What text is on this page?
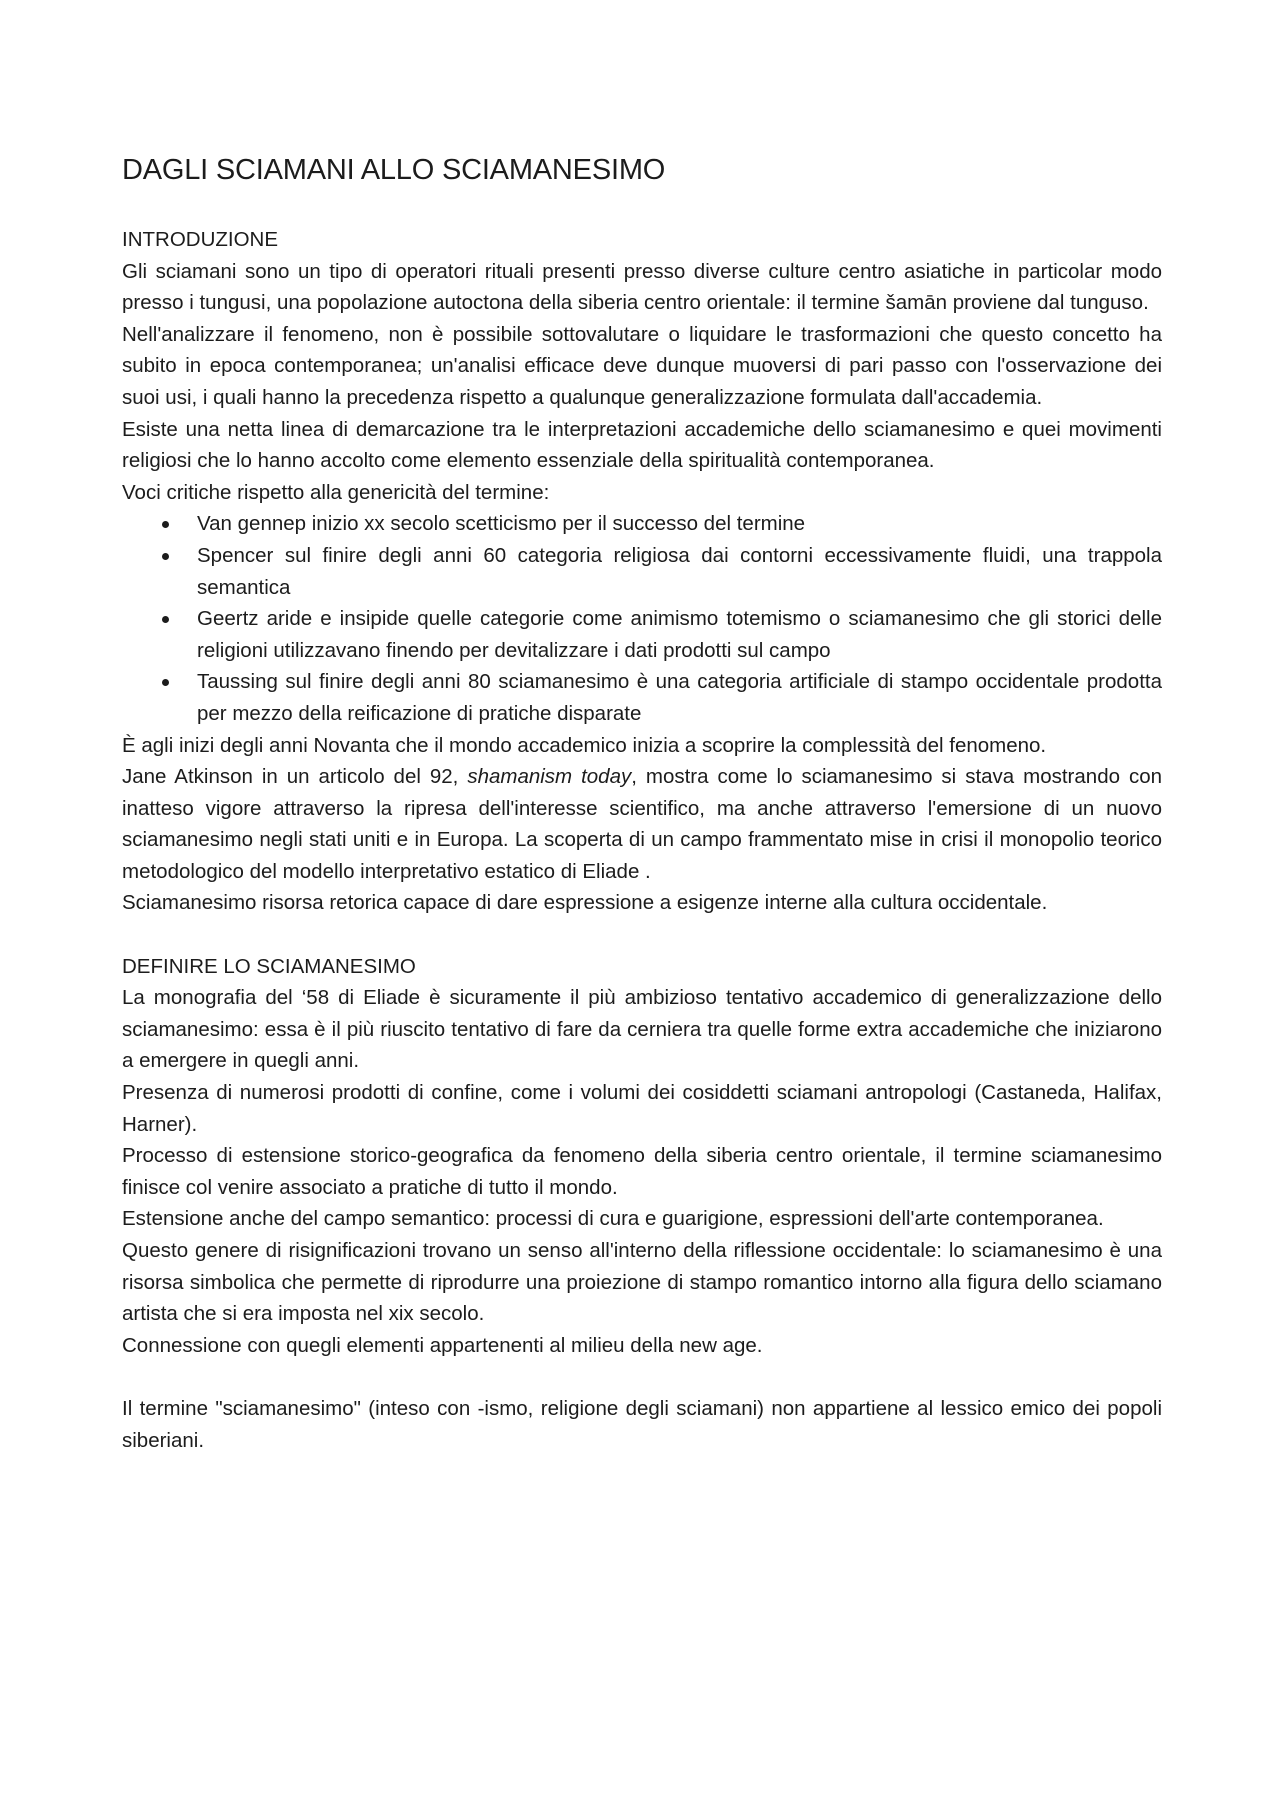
DAGLI SCIAMANI ALLO SCIAMANESIMO

INTRODUZIONE

Gli sciamani sono un tipo di operatori rituali presenti presso diverse culture centro asiatiche in particolar modo presso i tungusi, una popolazione autoctona della siberia centro orientale: il termine šamān proviene dal tunguso.

Nell'analizzare il fenomeno, non è possibile sottovalutare o liquidare le trasformazioni che questo concetto ha subito in epoca contemporanea; un'analisi efficace deve dunque muoversi di pari passo con l'osservazione dei suoi usi, i quali hanno la precedenza rispetto a qualunque generalizzazione formulata dall'accademia.

Esiste una netta linea di demarcazione tra le interpretazioni accademiche dello sciamanesimo e quei movimenti religiosi che lo hanno accolto come elemento essenziale della spiritualità contemporanea.

Voci critiche rispetto alla genericità del termine:

Van gennep inizio xx secolo scetticismo per il successo del termine
Spencer sul finire degli anni 60 categoria religiosa dai contorni eccessivamente fluidi, una trappola semantica
Geertz aride e insipide quelle categorie come animismo totemismo o sciamanesimo che gli storici delle religioni utilizzavano finendo per devitalizzare i dati prodotti sul campo
Taussing sul finire degli anni 80 sciamanesimo è una categoria artificiale di stampo occidentale prodotta per mezzo della reificazione di pratiche disparate

È agli inizi degli anni Novanta che il mondo accademico inizia a scoprire la complessità del fenomeno.

Jane Atkinson in un articolo del 92, shamanism today, mostra come lo sciamanesimo si stava mostrando con inatteso vigore attraverso la ripresa dell'interesse scientifico, ma anche attraverso l'emersione di un nuovo sciamanesimo negli stati uniti e in Europa. La scoperta di un campo frammentato mise in crisi il monopolio teorico metodologico del modello interpretativo estatico di Eliade .

Sciamanesimo risorsa retorica capace di dare espressione a esigenze interne alla cultura occidentale.

DEFINIRE LO SCIAMANESIMO

La monografia del ‘58 di Eliade è sicuramente il più ambizioso tentativo accademico di generalizzazione dello sciamanesimo: essa è il più riuscito tentativo di fare da cerniera tra quelle forme extra accademiche che iniziarono a emergere in quegli anni.

Presenza di numerosi prodotti di confine, come i volumi dei cosiddetti sciamani antropologi (Castaneda, Halifax, Harner).

Processo di estensione storico-geografica da fenomeno della siberia centro orientale, il termine sciamanesimo finisce col venire associato a pratiche di tutto il mondo.

Estensione anche del campo semantico: processi di cura e guarigione, espressioni dell'arte contemporanea.

Questo genere di risignificazioni trovano un senso all'interno della riflessione occidentale: lo sciamanesimo è una risorsa simbolica che permette di riprodurre una proiezione di stampo romantico intorno alla figura dello sciamano artista che si era imposta nel xix secolo.

Connessione con quegli elementi appartenenti al milieu della new age.

Il termine "sciamanesimo" (inteso con -ismo, religione degli sciamani) non appartiene al lessico emico dei popoli siberiani.
